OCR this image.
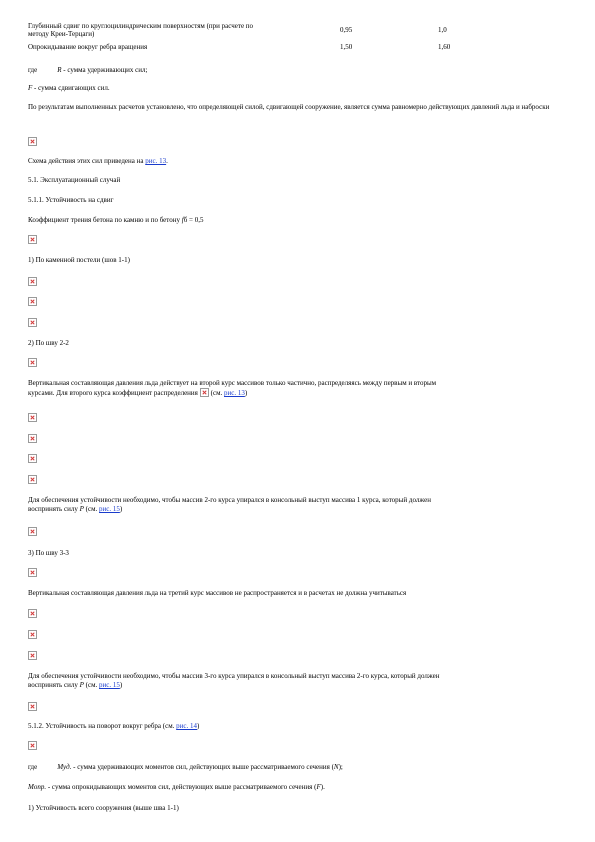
Глубинный сдвиг по круглоцилиндрическим поверхностям (при расчете по
методу Креи-Терцаги)	0,95	1,0
Опрокидывание вокруг ребра вращения	1,50	1,60
где	R - сумма удерживающих сил;
F - сумма сдвигающих сил.
По результатам выполненных расчетов установлено, что определяющей силой, сдвигающей сооружение, является сумма равномерно действующих давлений льда и наброски
Схема действия этих сил приведена на рис. 13.
5.1. Эксплуатационный случай
5.1.1. Устойчивость на сдвиг
Коэффициент трения бетона по камню и по бетону fб = 0,5
1) По каменной постели (шов 1-1)
2) По шву 2-2
Вертикальная составляющая давления льда действует на второй курс массивов только частично, распределяясь между первым и вторым
курсами. Для второго курса коэффициент распределения (см. рис. 13)
Для обеспечения устойчивости необходимо, чтобы массив 2-го курса упирался в консольный выступ массива 1 курса, который должен
воспринять силу P (см. рис. 15)
3) По шву 3-3
Вертикальная составляющая давления льда на третий курс массивов не распространяется и в расчетах не должна учитываться
Для обеспечения устойчивости необходимо, чтобы массив 3-го курса упирался в консольный выступ массива 2-го курса, который должен
воспринять силу P (см. рис. 15)
5.1.2. Устойчивость на поворот вокруг ребра (см. рис. 14)
где	Mуд. - сумма удерживающих моментов сил, действующих выше рассматриваемого сечения (N);
Mопр. - сумма опрокидывающих моментов сил, действующих выше рассматриваемого сечения (F).
1) Устойчивость всего сооружения (выше шва 1-1)
